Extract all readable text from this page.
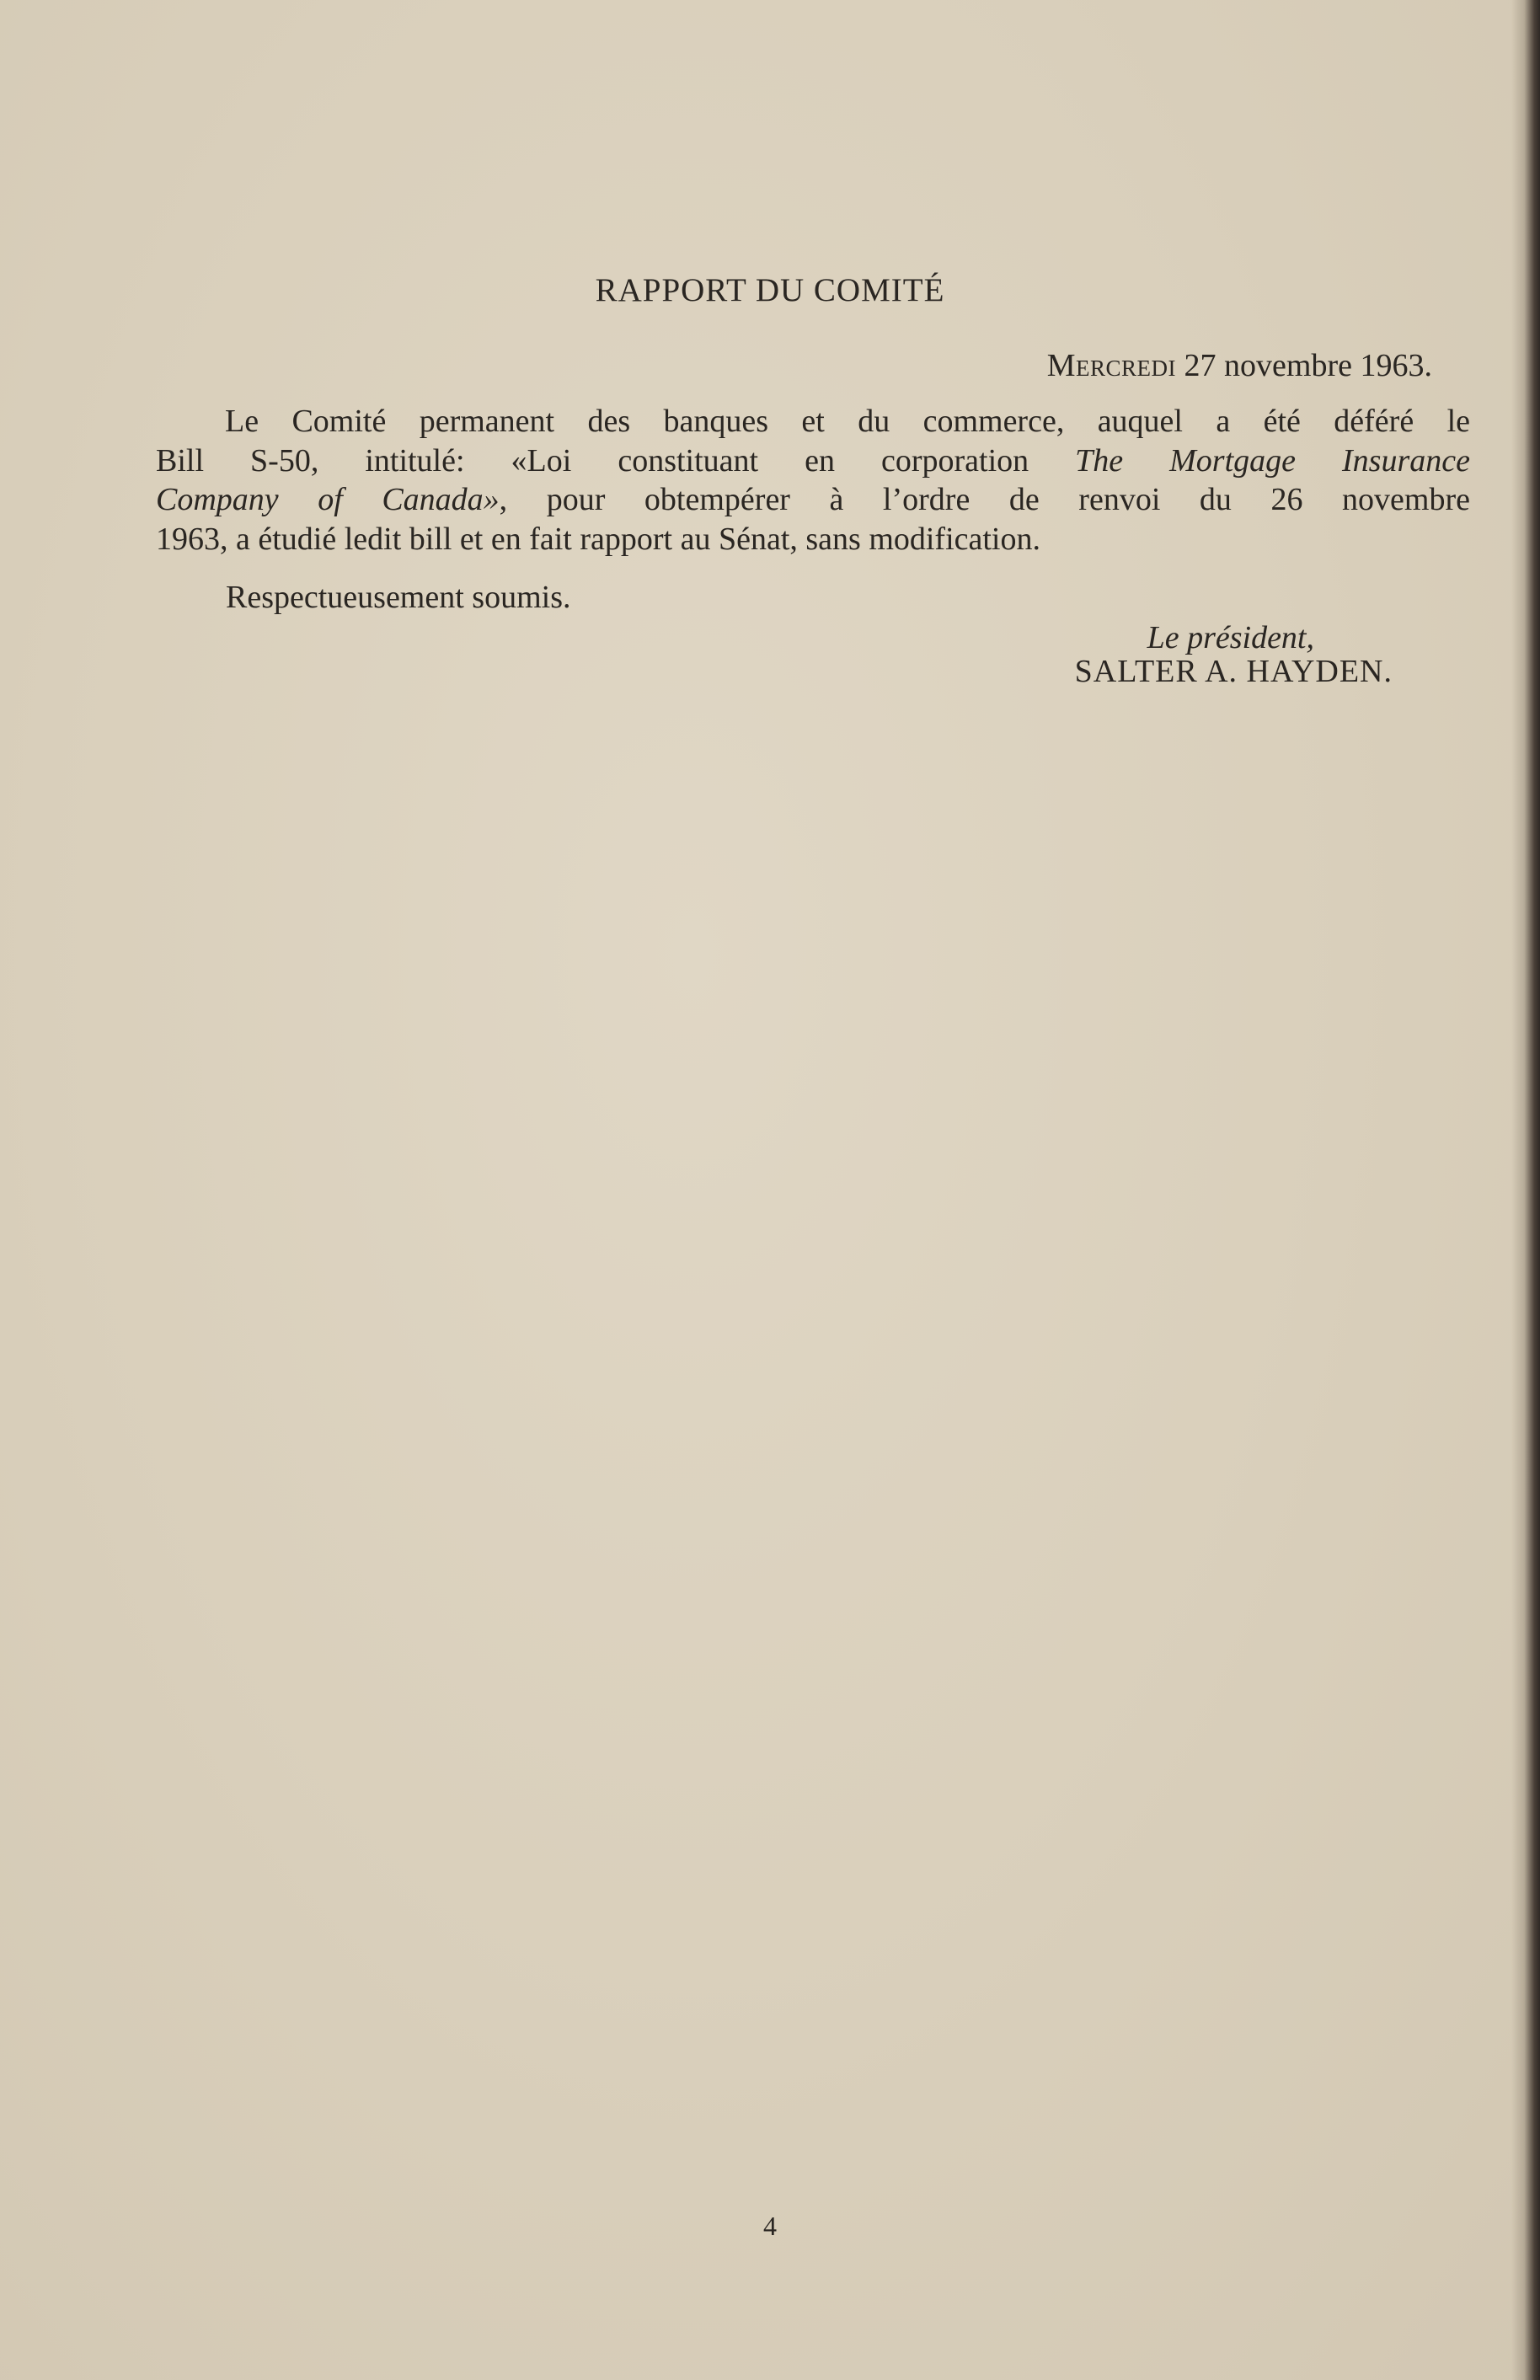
RAPPORT DU COMITÉ
Mercredi 27 novembre 1963.
Le Comité permanent des banques et du commerce, auquel a été déféré le
Bill S-50, intitulé: «Loi constituant en corporation The Mortgage Insurance
Company of Canada», pour obtempérer à l’ordre de renvoi du 26 novembre
1963, a étudié ledit bill et en fait rapport au Sénat, sans modification.
Respectueusement soumis.
Le président,
SALTER A. HAYDEN.
4
